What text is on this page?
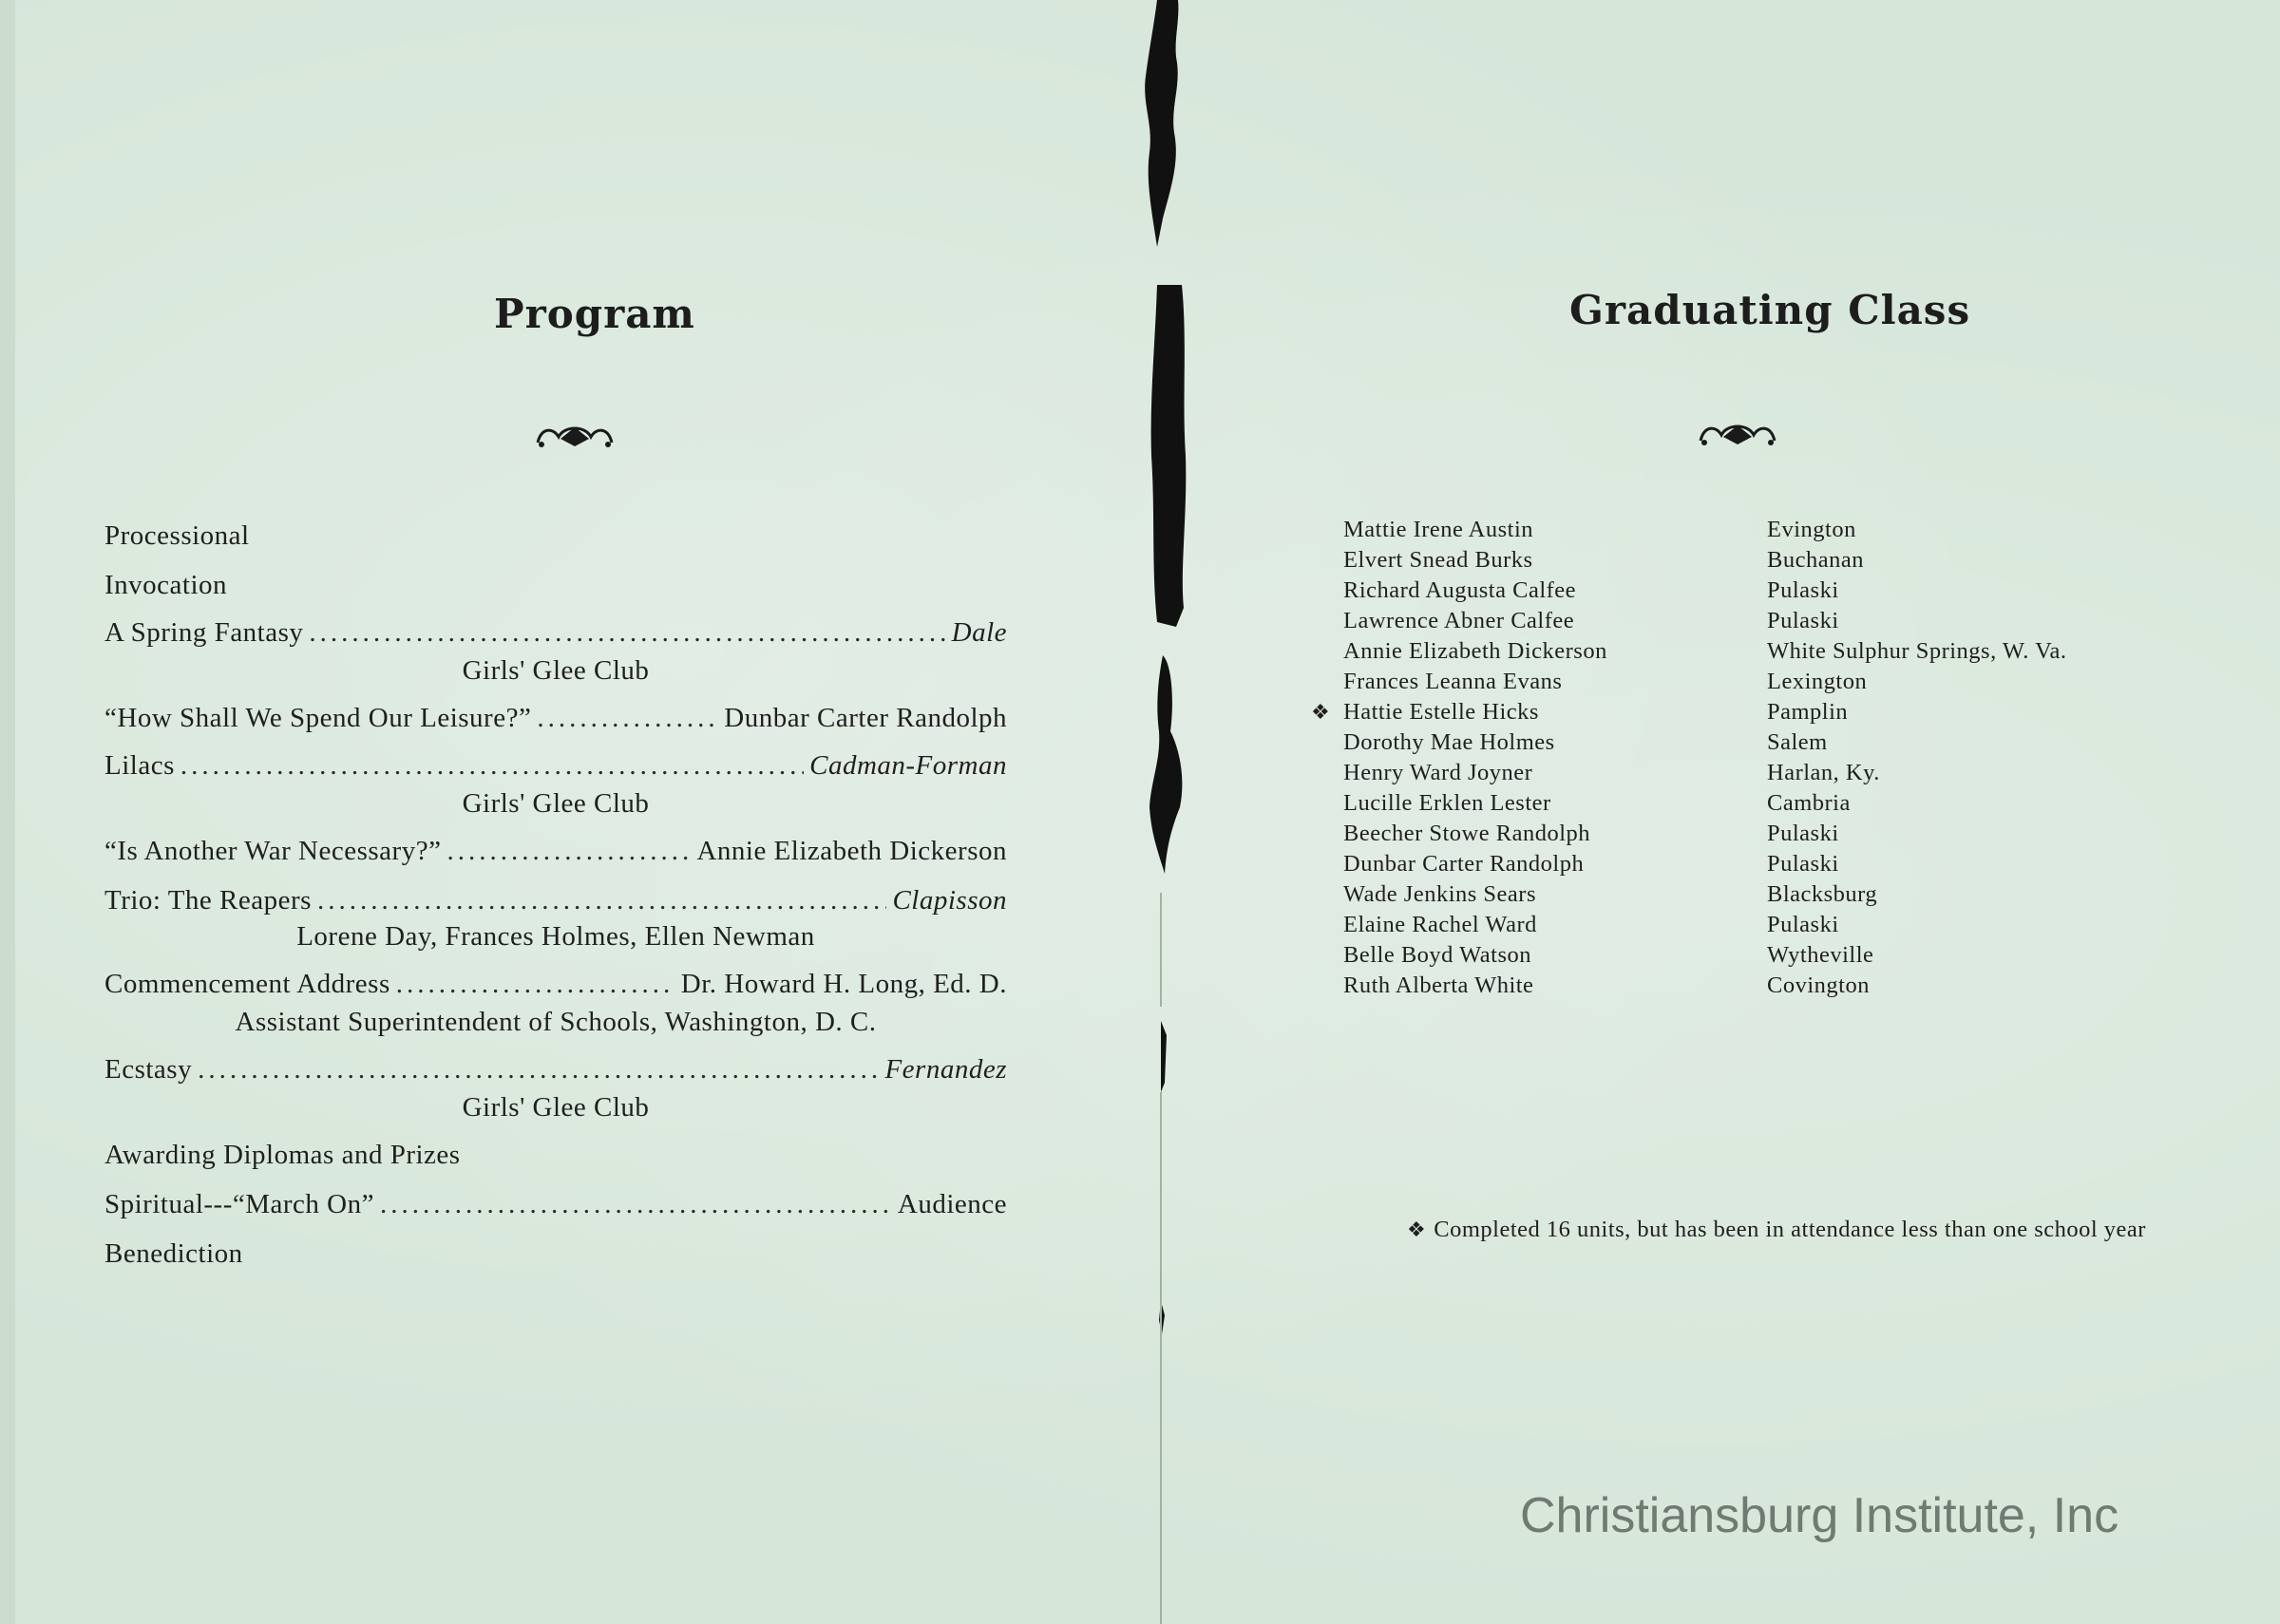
Program
Processional
Invocation
A Spring Fantasy .....	Dale
Girls' Glee Club
“How Shall We Spend Our Leisure?” .....	Dunbar Carter Randolph
Lilacs .....	Cadman-Forman
Girls' Glee Club
“Is Another War Necessary?” .....	Annie Elizabeth Dickerson
Trio: The Reapers .....	Clapisson
Lorene Day, Frances Holmes, Ellen Newman
Commencement Address .....	Dr. Howard H. Long, Ed. D.
Assistant Superintendent of Schools, Washington, D. C.
Ecstasy .....	Fernandez
Girls' Glee Club
Awarding Diplomas and Prizes
Spiritual---“March On” .....	Audience
Benediction
Graduating Class
Mattie Irene Austin	Evington
Elvert Snead Burks	Buchanan
Richard Augusta Calfee	Pulaski
Lawrence Abner Calfee	Pulaski
Annie Elizabeth Dickerson	White Sulphur Springs, W. Va.
Frances Leanna Evans	Lexington
❖ Hattie Estelle Hicks	Pamplin
Dorothy Mae Holmes	Salem
Henry Ward Joyner	Harlan, Ky.
Lucille Erklen Lester	Cambria
Beecher Stowe Randolph	Pulaski
Dunbar Carter Randolph	Pulaski
Wade Jenkins Sears	Blacksburg
Elaine Rachel Ward	Pulaski
Belle Boyd Watson	Wytheville
Ruth Alberta White	Covington
❖ Completed 16 units, but has been in attendance less than one school year
Christiansburg Institute, Inc
